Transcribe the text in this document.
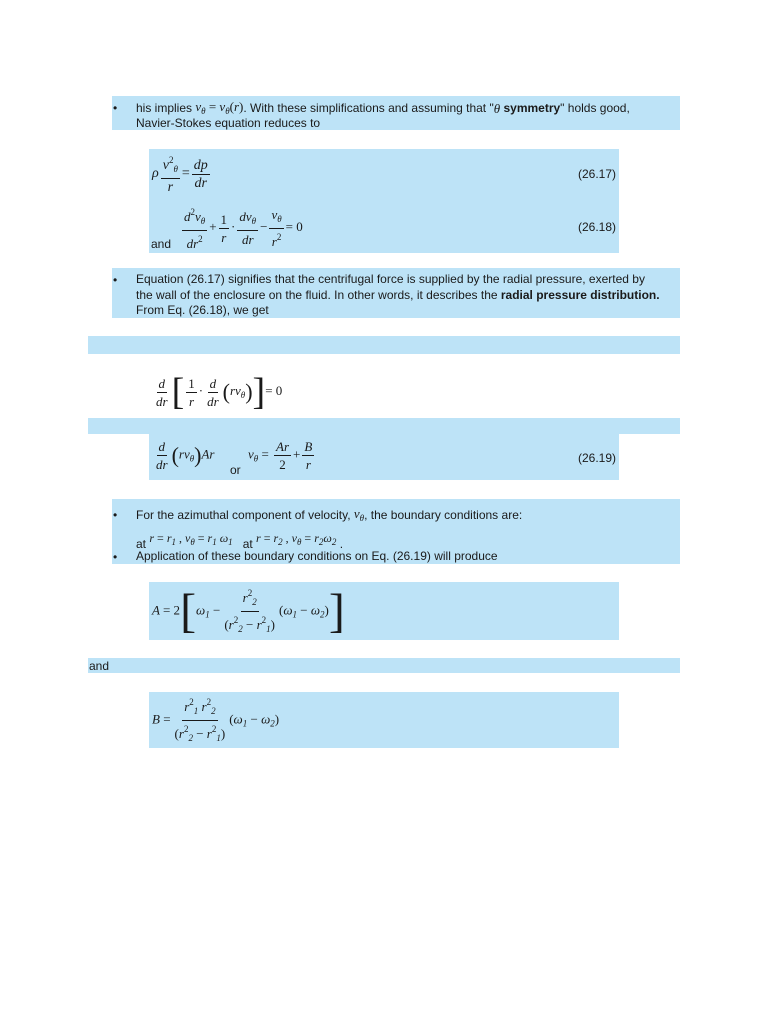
• his implies $v_\theta = v_\theta(r)$. With these simplifications and assuming that "θ symmetry" holds good,
Navier-Stokes equation reduces to
ρ $\frac{v^2_\theta}{r} = \frac{dp}{dr}$	(26.17)
and $\frac{d^2v_\theta}{dr^2} + \frac{1}{r} \cdot \frac{dv_\theta}{dr} - \frac{v_\theta}{r^2} = 0$	(26.18)
• Equation (26.17) signifies that the centrifugal force is supplied by the radial pressure, exerted by
the wall of the enclosure on the fluid. In other words, it describes the radial pressure distribution.
From Eq. (26.18), we get
$\frac{d}{dr}$ [ $\frac{1}{r} \cdot \frac{d}{dr} (rv_\theta)]= 0$
$\frac{d}{dr} (rv_\theta)Ar$
or
$v_\theta = \frac{Ar}{2} + \frac{B}{r}$	(26.19)
• For the azimuthal component of velocity, $v_\theta$, the boundary conditions are:
at $r = r_1$ , $v_\theta = r_1$ $\omega_1$ at $r = r_2$ , $v_\theta = r_2\omega_2$ .
• Application of these boundary conditions on Eq. (26.19) will produce
$A = 2[\omega_1 - \frac{r^2_2}{(r^2_2 - r^2_1)} (\omega_1 - \omega_2)]$
and
$B = \frac{r^2_1 r^2_2}{(r^2_2 - r^2_1)} (\omega_1 - \omega_2)$
